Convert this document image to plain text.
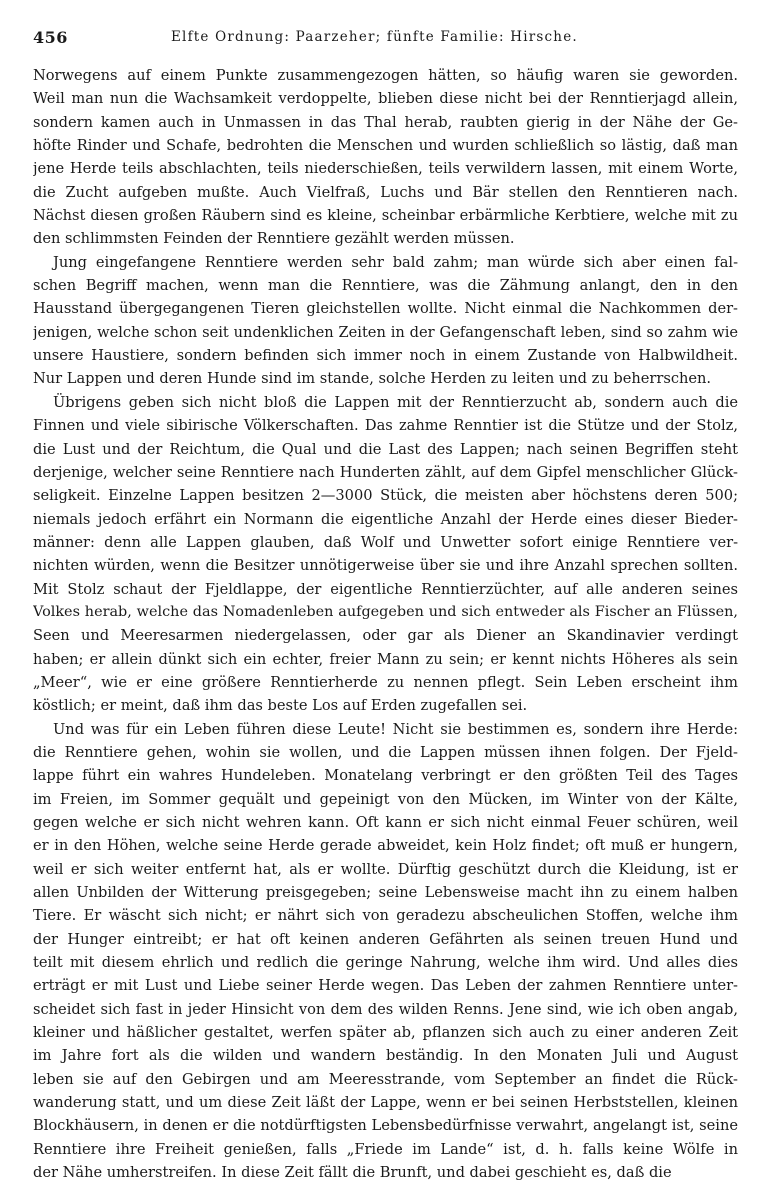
456	Elfte Ordnung: Paarzeher; fünfte Familie: Hirsche.
Norwegens auf einem Punkte zusammengezogen hätten, so häufig waren sie geworden.
Weil man nun die Wachsamkeit verdoppelte, blieben diese nicht bei der Renntierjagd allein,
sondern kamen auch in Unmassen in das Thal herab, raubten gierig in der Nähe der Ge-
höfte Rinder und Schafe, bedrohten die Menschen und wurden schließlich so lästig, daß man
jene Herde teils abschlachten, teils niederschießen, teils verwildern lassen, mit einem Worte,
die Zucht aufgeben mußte. Auch Vielfraß, Luchs und Bär stellen den Renntieren nach.
Nächst diesen großen Räubern sind es kleine, scheinbar erbärmliche Kerbtiere, welche mit zu
den schlimmsten Feinden der Renntiere gezählt werden müssen.
Jung eingefangene Renntiere werden sehr bald zahm; man würde sich aber einen fal-
schen Begriff machen, wenn man die Renntiere, was die Zähmung anlangt, den in den
Hausstand übergegangenen Tieren gleichstellen wollte. Nicht einmal die Nachkommen der-
jenigen, welche schon seit undenklichen Zeiten in der Gefangenschaft leben, sind so zahm wie
unsere Haustiere, sondern befinden sich immer noch in einem Zustande von Halbwildheit.
Nur Lappen und deren Hunde sind im stande, solche Herden zu leiten und zu beherrschen.
Übrigens geben sich nicht bloß die Lappen mit der Renntierzucht ab, sondern auch die
Finnen und viele sibirische Völkerschaften. Das zahme Renntier ist die Stütze und der Stolz,
die Lust und der Reichtum, die Qual und die Last des Lappen; nach seinen Begriffen steht
derjenige, welcher seine Renntiere nach Hunderten zählt, auf dem Gipfel menschlicher Glück-
seligkeit. Einzelne Lappen besitzen 2—3000 Stück, die meisten aber höchstens deren 500;
niemals jedoch erfährt ein Normann die eigentliche Anzahl der Herde eines dieser Bieder-
männer: denn alle Lappen glauben, daß Wolf und Unwetter sofort einige Renntiere ver-
nichten würden, wenn die Besitzer unnötigerweise über sie und ihre Anzahl sprechen sollten.
Mit Stolz schaut der Fjeldlappe, der eigentliche Renntierzüchter, auf alle anderen seines
Volkes herab, welche das Nomadenleben aufgegeben und sich entweder als Fischer an Flüssen,
Seen und Meeresarmen niedergelassen, oder gar als Diener an Skandinavier verdingt
haben; er allein dünkt sich ein echter, freier Mann zu sein; er kennt nichts Höheres als sein
„Meer“, wie er eine größere Renntierherde zu nennen pflegt. Sein Leben erscheint ihm
köstlich; er meint, daß ihm das beste Los auf Erden zugefallen sei.
Und was für ein Leben führen diese Leute! Nicht sie bestimmen es, sondern ihre Herde:
die Renntiere gehen, wohin sie wollen, und die Lappen müssen ihnen folgen. Der Fjeld-
lappe führt ein wahres Hundeleben. Monatelang verbringt er den größten Teil des Tages
im Freien, im Sommer gequält und gepeinigt von den Mücken, im Winter von der Kälte,
gegen welche er sich nicht wehren kann. Oft kann er sich nicht einmal Feuer schüren, weil
er in den Höhen, welche seine Herde gerade abweidet, kein Holz findet; oft muß er hungern,
weil er sich weiter entfernt hat, als er wollte. Dürftig geschützt durch die Kleidung, ist er
allen Unbilden der Witterung preisgegeben; seine Lebensweise macht ihn zu einem halben
Tiere. Er wäscht sich nicht; er nährt sich von geradezu abscheulichen Stoffen, welche ihm
der Hunger eintreibt; er hat oft keinen anderen Gefährten als seinen treuen Hund und
teilt mit diesem ehrlich und redlich die geringe Nahrung, welche ihm wird. Und alles dies
erträgt er mit Lust und Liebe seiner Herde wegen. Das Leben der zahmen Renntiere unter-
scheidet sich fast in jeder Hinsicht von dem des wilden Renns. Jene sind, wie ich oben angab,
kleiner und häßlicher gestaltet, werfen später ab, pflanzen sich auch zu einer anderen Zeit
im Jahre fort als die wilden und wandern beständig. In den Monaten Juli und August
leben sie auf den Gebirgen und am Meeresstrande, vom September an findet die Rück-
wanderung statt, und um diese Zeit läßt der Lappe, wenn er bei seinen Herbststellen, kleinen
Blockhäusern, in denen er die notdürftigsten Lebensbedürfnisse verwahrt, angelangt ist, seine
Renntiere ihre Freiheit genießen, falls „Friede im Lande“ ist, d. h. falls keine Wölfe in
der Nähe umherstreifen. In diese Zeit fällt die Brunft, und dabei geschieht es, daß die
